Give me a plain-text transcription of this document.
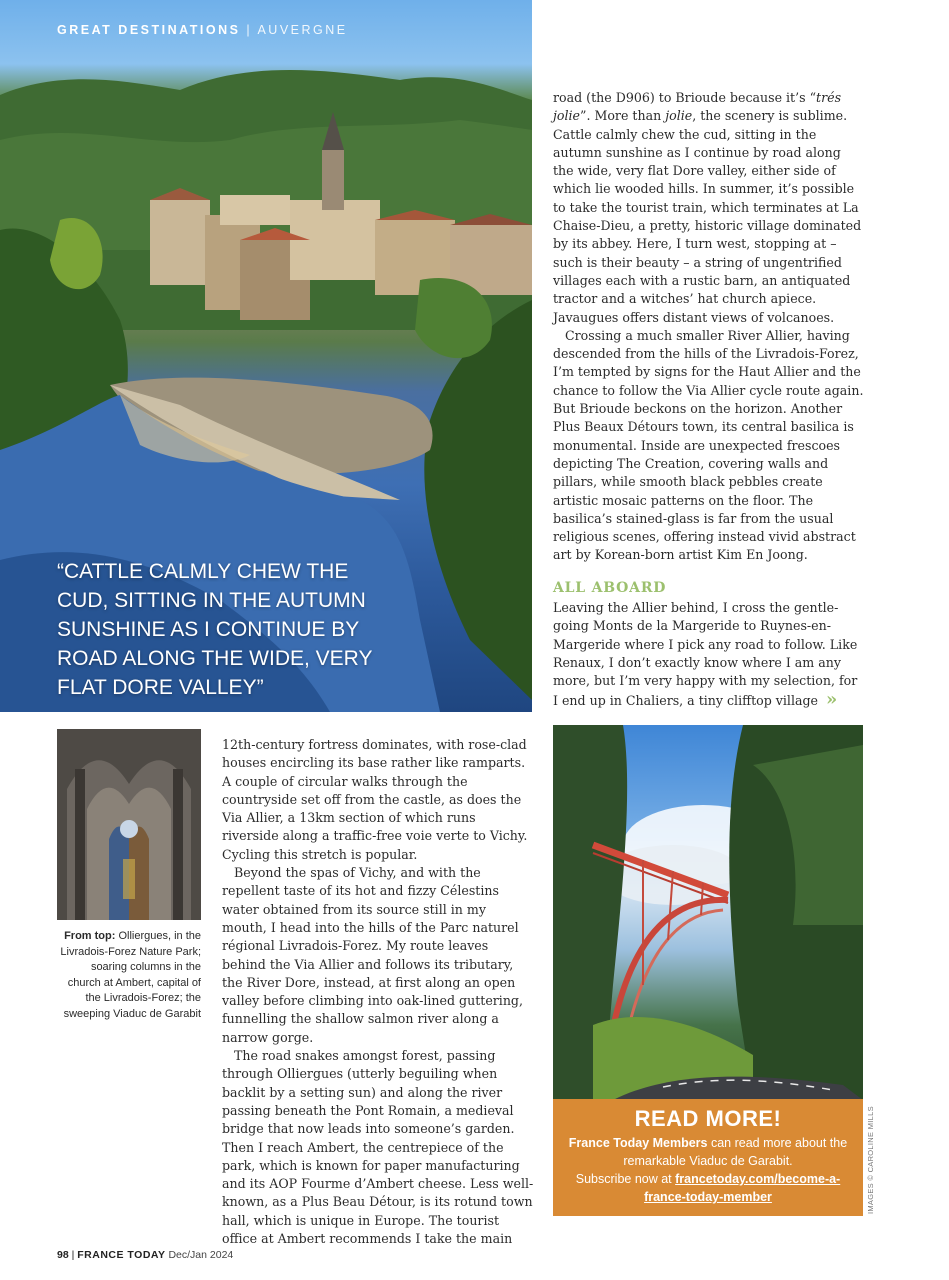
GREAT DESTINATIONS | AUVERGNE
“CATTLE CALMLY CHEW THE CUD, SITTING IN THE AUTUMN SUNSHINE AS I CONTINUE BY ROAD ALONG THE WIDE, VERY FLAT DORE VALLEY”

road (the D906) to Brioude because it’s “trés jolie”. More than jolie, the scenery is sublime. Cattle calmly chew the cud, sitting in the autumn sunshine as I continue by road along the wide, very flat Dore valley, either side of which lie wooded hills. In summer, it’s possible to take the tourist train, which terminates at La Chaise-Dieu, a pretty, historic village dominated by its abbey. Here, I turn west, stopping at – such is their beauty – a string of ungentrified villages each with a rustic barn, an antiquated tractor and a witches’ hat church apiece. Javaugues offers distant views of volcanoes.

Crossing a much smaller River Allier, having descended from the hills of the Livradois-Forez, I’m tempted by signs for the Haut Allier and the chance to follow the Via Allier cycle route again. But Brioude beckons on the horizon. Another Plus Beaux Détours town, its central basilica is monumental. Inside are unexpected frescoes depicting The Creation, covering walls and pillars, while smooth black pebbles create artistic mosaic patterns on the floor. The basilica’s stained-glass is far from the usual religious scenes, offering instead vivid abstract art by Korean-born artist Kim En Joong.

ALL ABOARD

Leaving the Allier behind, I cross the gentle-going Monts de la Margeride to Ruynes-en-Margeride where I pick any road to follow. Like Renaux, I don’t exactly know where I am any more, but I’m very happy with my selection, for I end up in Chaliers, a tiny clifftop village »

From top: Olliergues, in the Livradois-Forez Nature Park; soaring columns in the church at Ambert, capital of the Livradois-Forez; the sweeping Viaduc de Garabit

12th-century fortress dominates, with rose-clad houses encircling its base rather like ramparts. A couple of circular walks through the countryside set off from the castle, as does the Via Allier, a 13km section of which runs riverside along a traffic-free voie verte to Vichy. Cycling this stretch is popular.

Beyond the spas of Vichy, and with the repellent taste of its hot and fizzy Célestins water obtained from its source still in my mouth, I head into the hills of the Parc naturel régional Livradois-Forez. My route leaves behind the Via Allier and follows its tributary, the River Dore, instead, at first along an open valley before climbing into oak-lined guttering, funnelling the shallow salmon river along a narrow gorge.

The road snakes amongst forest, passing through Olliergues (utterly beguiling when backlit by a setting sun) and along the river passing beneath the Pont Romain, a medieval bridge that now leads into someone’s garden. Then I reach Ambert, the centrepiece of the park, which is known for paper manufacturing and its AOP Fourme d’Ambert cheese. Less well-known, as a Plus Beau Détour, is its rotund town hall, which is unique in Europe. The tourist office at Ambert recommends I take the main

READ MORE!
France Today Members can read more about the remarkable Viaduc de Garabit.
Subscribe now at francetoday.com/become-a-france-today-member	IMAGES © CAROLINE MILLS
98 | FRANCE TODAY Dec/Jan 2024
